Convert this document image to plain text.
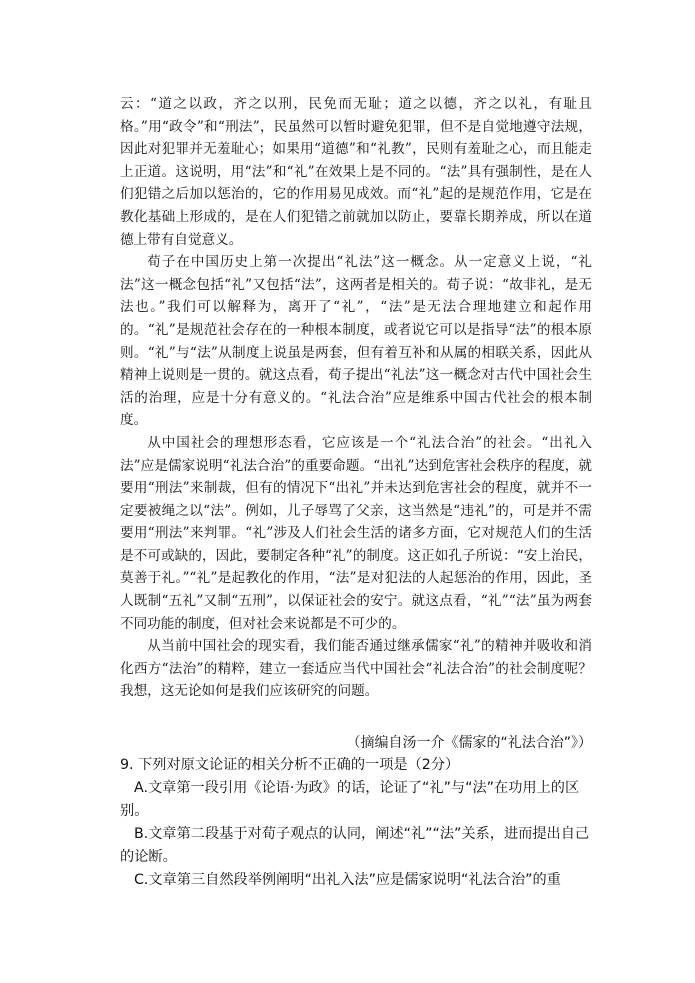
云：“道之以政，齐之以刑，民免而无耻；道之以德，齐之以礼，有耻且格。”用“政令”和“刑法”，民虽然可以暂时避免犯罪，但不是自觉地遵守法规，因此对犯罪并无羞耻心；如果用“道德”和“礼教”，民则有羞耻之心，而且能走上正道。这说明，用“法”和“礼”在效果上是不同的。“法”具有强制性，是在人们犯错之后加以惩治的，它的作用易见成效。而“礼”起的是规范作用，它是在教化基础上形成的，是在人们犯错之前就加以防止，要靠长期养成，所以在道德上带有自觉意义。

荀子在中国历史上第一次提出“礼法”这一概念。从一定意义上说，“礼法”这一概念包括“礼”又包括“法”，这两者是相关的。荀子说：“故非礼，是无法也。”我们可以解释为，离开了“礼”，“法”是无法合理地建立和起作用的。“礼”是规范社会存在的一种根本制度，或者说它可以是指导“法”的根本原则。“礼”与“法”从制度上说虽是两套，但有着互补和从属的相联关系，因此从精神上说则是一贯的。就这点看，荀子提出“礼法”这一概念对古代中国社会生活的治理，应是十分有意义的。“礼法合治”应是维系中国古代社会的根本制度。

从中国社会的理想形态看，它应该是一个“礼法合治”的社会。“出礼入法”应是儒家说明“礼法合治”的重要命题。“出礼”达到危害社会秩序的程度，就要用“刑法”来制裁，但有的情况下“出礼”并未达到危害社会的程度，就并不一定要被绳之以“法”。例如，儿子辱骂了父亲，这当然是“违礼”的，可是并不需要用“刑法”来判罪。“礼”涉及人们社会生活的诸多方面，它对规范人们的生活是不可或缺的，因此，要制定各种“礼”的制度。这正如孔子所说：“安上治民，莫善于礼。”“礼”是起教化的作用，“法”是对犯法的人起惩治的作用，因此，圣人既制“五礼”又制“五刑”，以保证社会的安宁。就这点看，“礼”“法”虽为两套不同功能的制度，但对社会来说都是不可少的。

从当前中国社会的现实看，我们能否通过继承儒家“礼”的精神并吸收和消化西方“法治”的精粹，建立一套适应当代中国社会“礼法合治”的社会制度呢？我想，这无论如何是我们应该研究的问题。

（摘编自汤一介《儒家的“礼法合治”》）

9. 下列对原文论证的相关分析不正确的一项是（2分）

A.文章第一段引用《论语·为政》的话，论证了“礼”与“法”在功用上的区别。

B.文章第二段基于对荀子观点的认同，阐述“礼”“法”关系，进而提出自己的论断。

C.文章第三自然段举例阐明“出礼入法”应是儒家说明“礼法合治”的重
